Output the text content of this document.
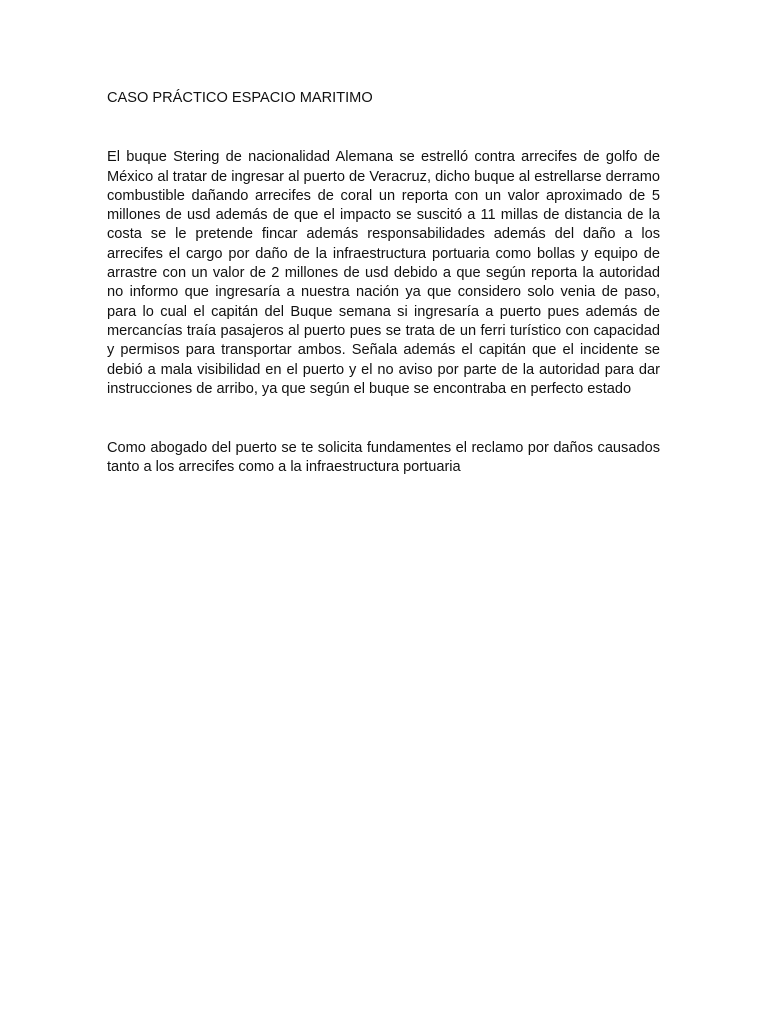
CASO PRÁCTICO ESPACIO MARITIMO

El buque Stering de nacionalidad Alemana se estrelló contra arrecifes de golfo de México al tratar de ingresar al puerto de Veracruz, dicho buque al estrellarse derramo combustible dañando arrecifes de coral un reporta con un valor aproximado de 5 millones de usd además de que el impacto se suscitó a 11 millas de distancia de la costa se le pretende fincar además responsabilidades además del daño a los arrecifes el cargo por daño de la infraestructura portuaria como bollas y equipo de arrastre con un valor de 2 millones de usd debido a que según reporta la autoridad no informo que ingresaría a nuestra nación ya que considero solo venia de paso, para lo cual el capitán del Buque semana si ingresaría a puerto pues además de mercancías traía pasajeros al puerto pues se trata de un ferri turístico con capacidad y permisos para transportar ambos. Señala además el capitán que el incidente se debió a mala visibilidad en el puerto y el no aviso por parte de la autoridad para dar instrucciones de arribo, ya que según el buque se encontraba en perfecto estado

Como abogado del puerto se te solicita fundamentes el reclamo por daños causados tanto a los arrecifes como a la infraestructura portuaria
